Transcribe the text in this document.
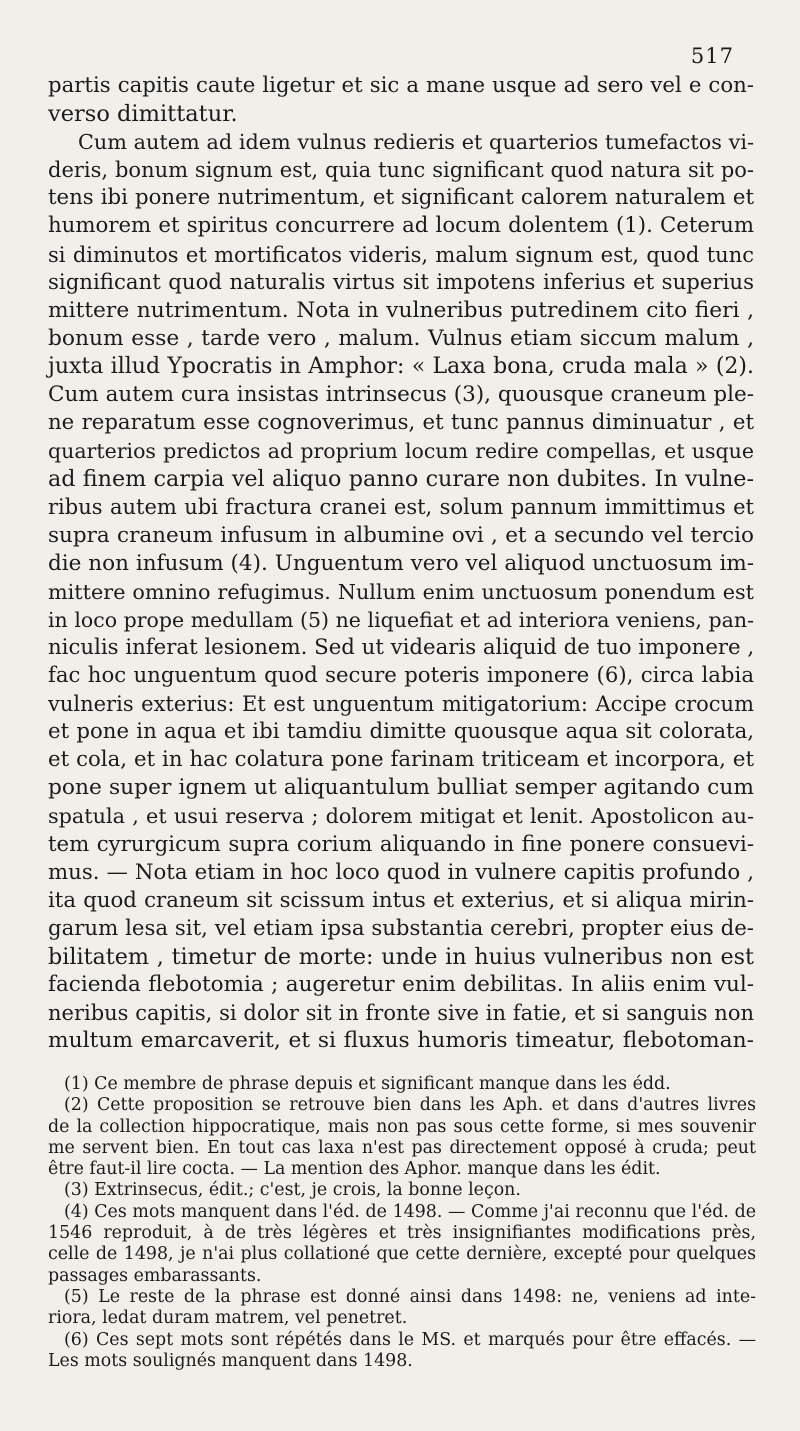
517
partis capitis caute ligetur et sic a mane usque ad sero vel e con-
verso dimittatur.
Cum autem ad idem vulnus redieris et quarterios tumefactos vi-
deris, bonum signum est, quia tunc significant quod natura sit po-
tens ibi ponere nutrimentum, et significant calorem naturalem et
humorem et spiritus concurrere ad locum dolentem (1). Ceterum
si diminutos et mortificatos videris, malum signum est, quod tunc
significant quod naturalis virtus sit impotens inferius et superius
mittere nutrimentum. Nota in vulneribus putredinem cito fieri ,
bonum esse , tarde vero , malum. Vulnus etiam siccum malum ,
juxta illud Ypocratis in Amphor: « Laxa bona, cruda mala » (2).
Cum autem cura insistas intrinsecus (3), quousque craneum ple-
ne reparatum esse cognoverimus, et tunc pannus diminuatur , et
quarterios predictos ad proprium locum redire compellas, et usque
ad finem carpia vel aliquo panno curare non dubites. In vulne-
ribus autem ubi fractura cranei est, solum pannum immittimus et
supra craneum infusum in albumine ovi , et a secundo vel tercio
die non infusum (4). Unguentum vero vel aliquod unctuosum im-
mittere omnino refugimus. Nullum enim unctuosum ponendum est
in loco prope medullam (5) ne liquefiat et ad interiora veniens, pan-
niculis inferat lesionem. Sed ut videaris aliquid de tuo imponere ,
fac hoc unguentum quod secure poteris imponere (6), circa labia
vulneris exterius: Et est unguentum mitigatorium: Accipe crocum
et pone in aqua et ibi tamdiu dimitte quousque aqua sit colorata,
et cola, et in hac colatura pone farinam triticeam et incorpora, et
pone super ignem ut aliquantulum bulliat semper agitando cum
spatula , et usui reserva ; dolorem mitigat et lenit. Apostolicon au-
tem cyrurgicum supra corium aliquando in fine ponere consuevi-
mus. — Nota etiam in hoc loco quod in vulnere capitis profundo ,
ita quod craneum sit scissum intus et exterius, et si aliqua mirin-
garum lesa sit, vel etiam ipsa substantia cerebri, propter eius de-
bilitatem , timetur de morte: unde in huius vulneribus non est
facienda flebotomia ; augeretur enim debilitas. In aliis enim vul-
neribus capitis, si dolor sit in fronte sive in fatie, et si sanguis non
multum emarcaverit, et si fluxus humoris timeatur, flebotoman-
(1) Ce membre de phrase depuis et significant manque dans les édd.
(2) Cette proposition se retrouve bien dans les Aph. et dans d'autres livres
de la collection hippocratique, mais non pas sous cette forme, si mes souvenir
me servent bien. En tout cas laxa n'est pas directement opposé à cruda; peut
être faut-il lire cocta. — La mention des Aphor. manque dans les édit.
(3) Extrinsecus, édit.; c'est, je crois, la bonne leçon.
(4) Ces mots manquent dans l'éd. de 1498. — Comme j'ai reconnu que l'éd. de
1546 reproduit, à de très légères et très insignifiantes modifications près,
celle de 1498, je n'ai plus collationé que cette dernière, excepté pour quelques
passages embarassants.
(5) Le reste de la phrase est donné ainsi dans 1498: ne, veniens ad inte-
riora, ledat duram matrem, vel penetret.
(6) Ces sept mots sont répétés dans le MS. et marqués pour être effacés. —
Les mots soulignés manquent dans 1498.
